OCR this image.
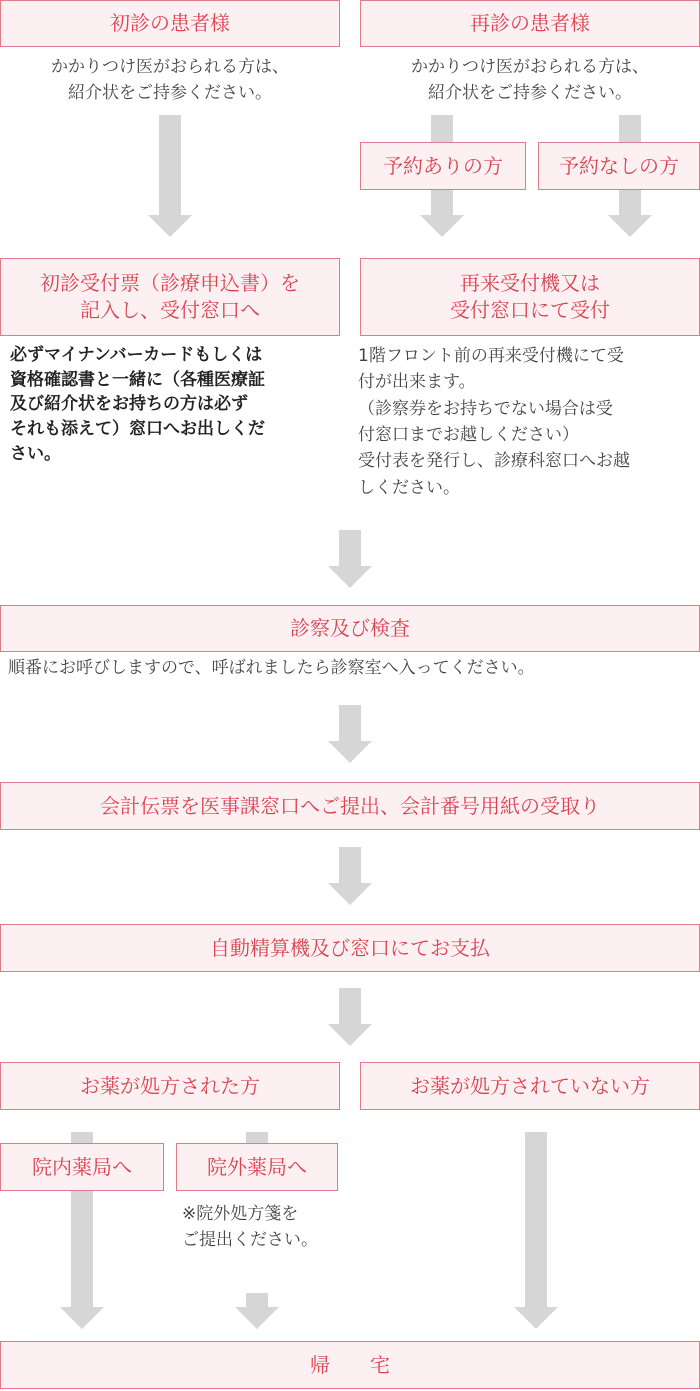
初診の患者様	再診の患者様
かかりつけ医がおられる方は、
紹介状をご持参ください。
かかりつけ医がおられる方は、
紹介状をご持参ください。
予約ありの方	予約なしの方
初診受付票（診療申込書）を
記入し、受付窓口へ
再来受付機又は
受付窓口にて受付
必ずマイナンバーカードもしくは
資格確認書と一緒に（各種医療証
及び紹介状をお持ちの方は必ず
それも添えて）窓口へお出しくだ
さい。
1階フロント前の再来受付機にて受
付が出来ます。
（診察券をお持ちでない場合は受
付窓口までお越しください）
受付表を発行し、診療科窓口へお越
しください。
診察及び検査
順番にお呼びしますので、呼ばれましたら診察室へ入ってください。
会計伝票を医事課窓口へご提出、会計番号用紙の受取り
自動精算機及び窓口にてお支払
お薬が処方された方	お薬が処方されていない方
院内薬局へ	院外薬局へ
※院外処方箋を
ご提出ください。
帰　　宅
